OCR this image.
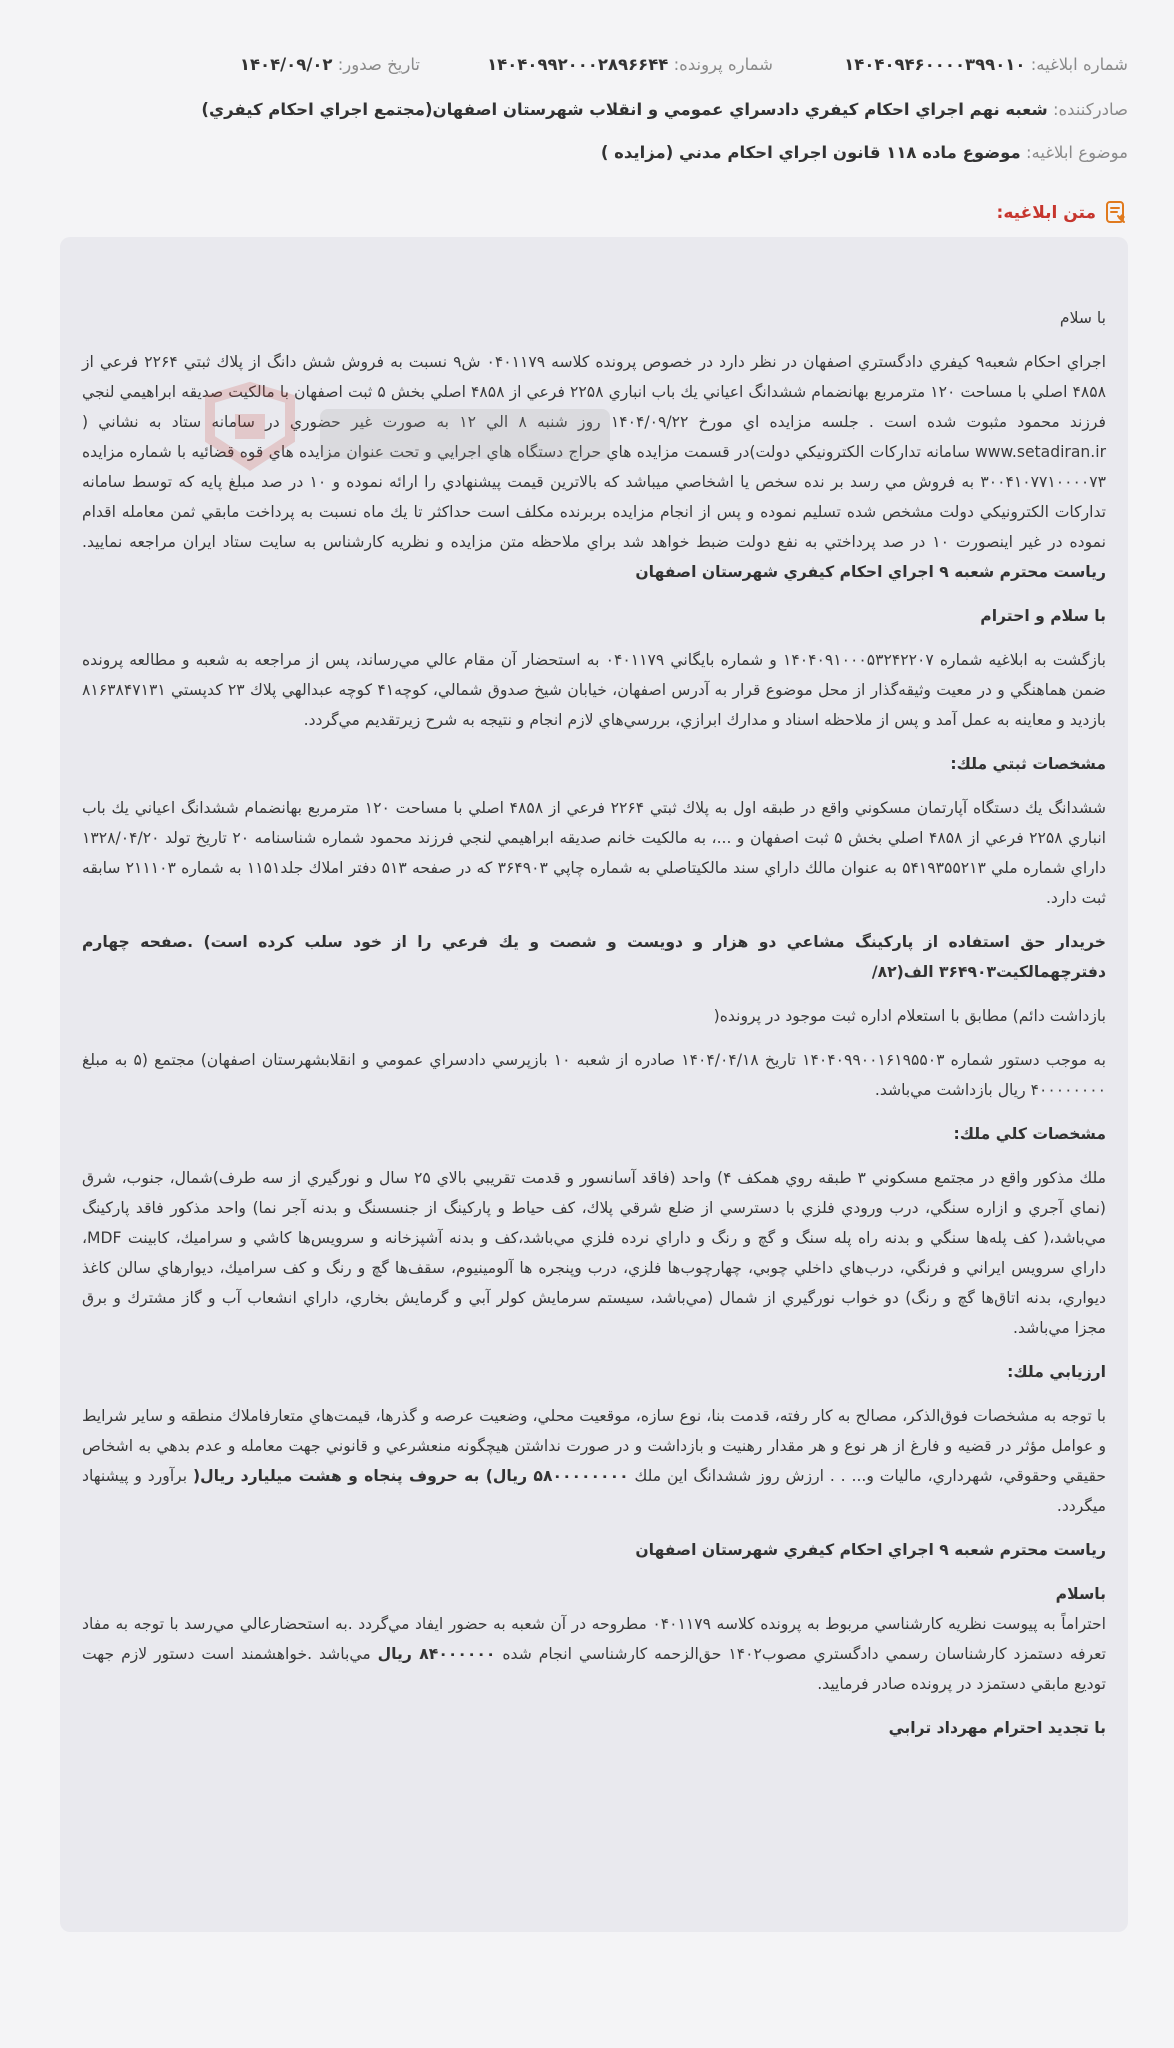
شماره ابلاغيه: ۱۴۰۴۰۹۴۶۰۰۰۰۳۹۹۰۱۰
شماره پرونده: ۱۴۰۴۰۹۹۲۰۰۰۲۸۹۶۶۴۴
تاريخ صدور: ۱۴۰۴/۰۹/۰۲
صادرکننده: شعبه نهم اجراي احكام كيفري دادسراي عمومي و انقلاب شهرستان اصفهان(مجتمع اجراي احكام كيفري)
موضوع ابلاغيه: موضوع ماده ۱۱۸ قانون اجراي احكام مدني (مزايده )
متن ابلاغيه:

با سلام

اجراي احكام شعبه۹ كيفري دادگستري اصفهان در نظر دارد در خصوص پرونده كلاسه ۰۴۰۱۱۷۹ ش۹ نسبت به فروش شش دانگ از پلاك ثبتي ۲۲۶۴ فرعي از ۴۸۵۸ اصلي با مساحت ۱۲۰ مترمربع بهانضمام ششدانگ اعياني يك باب انباري ۲۲۵۸ فرعي از ۴۸۵۸ اصلي بخش ۵ ثبت اصفهان با مالكيت صديقه ابراهيمي لنجي فرزند محمود مثبوت شده است . جلسه مزايده اي مورخ ۱۴۰۴/۰۹/۲۲ روز شنبه ۸ الي ۱۲ به صورت غير حضوري در سامانه ستاد به نشاني ( www.setadiran.ir سامانه تداركات الكترونيكي دولت)در قسمت مزايده هاي حراج دستگاه هاي اجرايي و تحت عنوان مزايده هاي قوه قضائيه با شماره مزايده ۳۰۰۴۱۰۷۷۱۰۰۰۰۷۳ به فروش مي رسد بر نده سخص يا اشخاصي ميباشد كه بالاترين قيمت پيشنهادي را ارائه نموده و ۱۰ در صد مبلغ پايه كه توسط سامانه تداركات الكترونيكي دولت مشخص شده تسليم نموده و پس از انجام مزايده بربرنده مكلف است حداكثر تا يك ماه نسبت به پرداخت مابقي ثمن معامله اقدام نموده در غير اينصورت ۱۰ در صد پرداختي به نفع دولت ضبط خواهد شد براي ملاحظه متن مزايده و نظريه كارشناس به سايت ستاد ايران مراجعه نماييد. رياست محترم شعبه ۹ اجراي احكام كيفري شهرستان اصفهان

با سلام و احترام

بازگشت به ابلاغيه شماره ۱۴۰۴۰۹۱۰۰۰۵۳۲۴۲۲۰۷ و شماره بايگاني ۰۴۰۱۱۷۹ به استحضار آن مقام عالي مي‌رساند، پس از مراجعه به شعبه و مطالعه پرونده ضمن هماهنگي و در معيت وثيقه‌گذار از محل موضوع قرار به آدرس اصفهان، خيابان شيخ صدوق شمالي، كوچه۴۱ كوچه عبدالهي پلاك ۲۳ كدپستي ۸۱۶۳۸۴۷۱۳۱ بازديد و معاينه به عمل آمد و پس از ملاحظه اسناد و مدارك ابرازي، بررسي‌هاي لازم انجام و نتيجه به شرح زيرتقديم مي‌گردد.

مشخصات ثبتي ملك:

ششدانگ يك دستگاه آپارتمان مسكوني واقع در طبقه اول به پلاك ثبتي ۲۲۶۴ فرعي از ۴۸۵۸ اصلي با مساحت ۱۲۰ مترمربع بهانضمام ششدانگ اعياني يك باب انباري ۲۲۵۸ فرعي از ۴۸۵۸ اصلي بخش ۵ ثبت اصفهان و ...، به مالكيت خانم صديقه ابراهيمي لنجي فرزند محمود شماره شناسنامه ۲۰ تاريخ تولد ۱۳۲۸/۰۴/۲۰ داراي شماره ملي ۵۴۱۹۳۵۵۲۱۳ به عنوان مالك داراي سند مالكيتاصلي به شماره چاپي ۳۶۴۹۰۳ كه در صفحه ۵۱۳ دفتر املاك جلد۱۱۵۱ به شماره ۲۱۱۱۰۳ سابقه ثبت دارد.

خريدار حق استفاده از پاركينگ مشاعي دو هزار و دويست و شصت و يك فرعي را از خود سلب كرده است) .صفحه چهارم دفترچهمالكيت۳۶۴۹۰۳ الف(۸۲/

بازداشت دائم) مطابق با استعلام اداره ثبت موجود در پرونده(

به موجب دستور شماره ۱۴۰۴۰۹۹۰۰۱۶۱۹۵۵۰۳ تاريخ ۱۴۰۴/۰۴/۱۸ صادره از شعبه ۱۰ بازپرسي دادسراي عمومي و انقلابشهرستان اصفهان) مجتمع (۵ به مبلغ ۴۰۰۰۰۰۰۰۰ ريال بازداشت مي‌باشد.

مشخصات كلي ملك:

ملك مذكور واقع در مجتمع مسكوني ۳ طبقه روي همكف ۴) واحد (فاقد آسانسور و قدمت تقريبي بالاي ۲۵ سال و نورگيري از سه طرف)شمال، جنوب، شرق (نماي آجري و ازاره سنگي، درب ورودي فلزي با دسترسي از ضلع شرقي پلاك، كف حياط و پاركينگ از جنسسنگ و بدنه آجر نما) واحد مذكور فاقد پاركينگ مي‌باشد،( كف پله‌ها سنگي و بدنه راه پله سنگ و گچ و رنگ و داراي نرده فلزي مي‌باشد،كف و بدنه آشپزخانه و سرويس‌ها كاشي و سراميك، كابينت MDF، داراي سرويس ايراني و فرنگي، درب‌هاي داخلي چوبي، چهارچوب‌ها فلزي، درب وپنجره ها آلومينيوم، سقف‌ها گچ و رنگ و كف سراميك، ديوارهاي سالن كاغذ ديواري، بدنه اتاق‌ها گچ و رنگ) دو خواب نورگيري از شمال (مي‌باشد، سيستم سرمايش كولر آبي و گرمايش بخاري، داراي انشعاب آب و گاز مشترك و برق مجزا مي‌باشد.

ارزيابي ملك:

با توجه به مشخصات فوق‌الذكر، مصالح به كار رفته، قدمت بنا، نوع سازه، موقعيت محلي، وضعيت عرصه و گذرها، قيمت‌هاي متعارفاملاك منطقه و ساير شرايط و عوامل مؤثر در قضيه و فارغ از هر نوع و هر مقدار رهنيت و بازداشت و در صورت نداشتن هيچگونه منعشرعي و قانوني جهت معامله و عدم بدهي به اشخاص حقيقي وحقوقي، شهرداري، ماليات و... . . ارزش روز ششدانگ اين ملك ۵۸۰۰۰۰۰۰۰۰ ريال) به حروف پنجاه و هشت ميليارد ريال( برآورد و پيشنهاد ميگردد.

رياست محترم شعبه ۹ اجراي احكام كيفري شهرستان اصفهان

باسلام

احتراماً به پيوست نظريه كارشناسي مربوط به پرونده كلاسه ۰۴۰۱۱۷۹ مطروحه در آن شعبه به حضور ايفاد مي‌گردد .به استحضارعالي مي‌رسد با توجه به مفاد تعرفه دستمزد كارشناسان رسمي دادگستري مصوب۱۴۰۲ حق‌الزحمه كارشناسي انجام شده ۸۴۰۰۰۰۰۰ ريال مي‌باشد .خواهشمند است دستور لازم جهت توديع مابقي دستمزد در پرونده صادر فرماييد.

با تجديد احترام مهرداد ترابي
